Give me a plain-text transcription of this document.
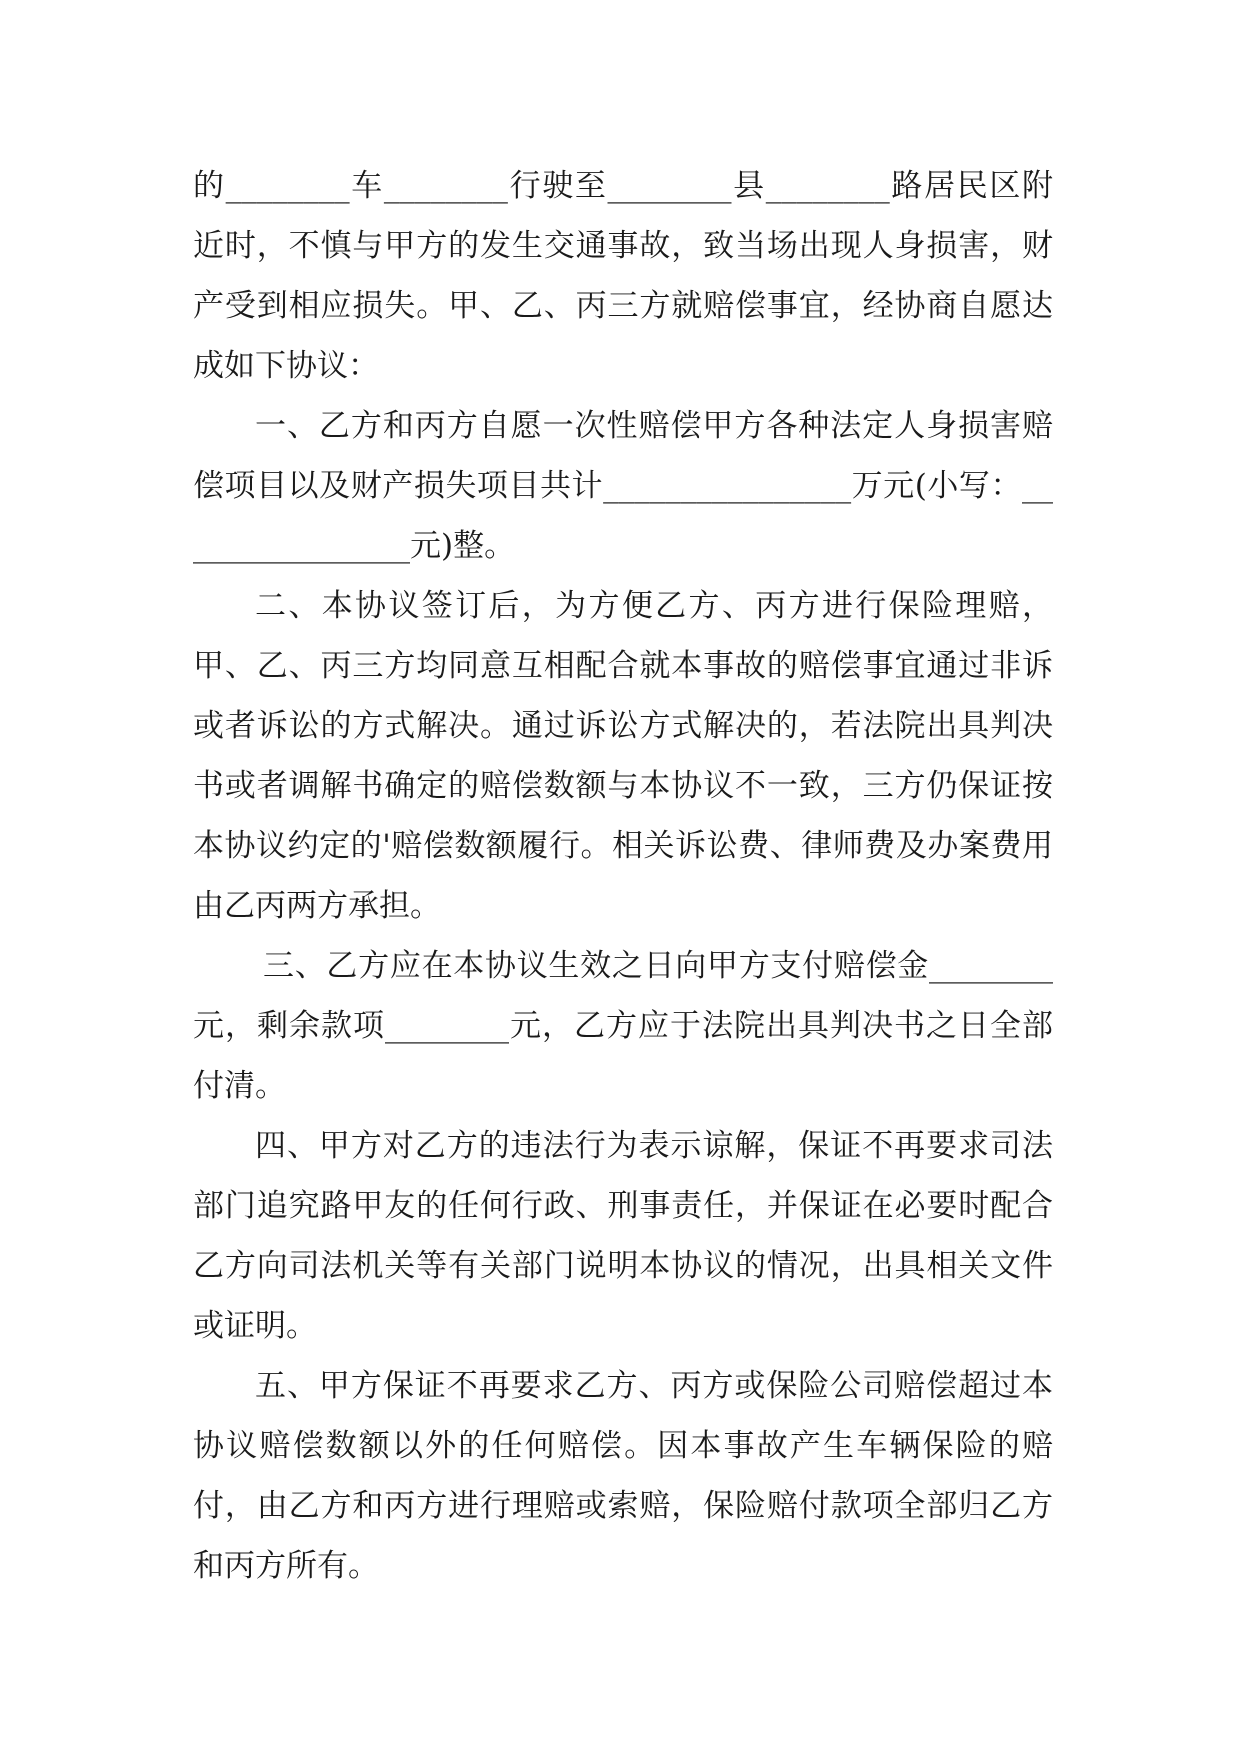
的________车________行驶至________县________路居民区附近时，不慎与甲方的发生交通事故，致当场出现人身损害，财产受到相应损失。甲、乙、丙三方就赔偿事宜，经协商自愿达成如下协议：

一、乙方和丙方自愿一次性赔偿甲方各种法定人身损害赔偿项目以及财产损失项目共计________________万元(小写：________________元)整。

二、本协议签订后，为方便乙方、丙方进行保险理赔，甲、乙、丙三方均同意互相配合就本事故的赔偿事宜通过非诉或者诉讼的方式解决。通过诉讼方式解决的，若法院出具判决书或者调解书确定的赔偿数额与本协议不一致，三方仍保证按本协议约定的'赔偿数额履行。相关诉讼费、律师费及办案费用由乙丙两方承担。

三、乙方应在本协议生效之日向甲方支付赔偿金________元，剩余款项________元，乙方应于法院出具判决书之日全部付清。

四、甲方对乙方的违法行为表示谅解，保证不再要求司法部门追究路甲友的任何行政、刑事责任，并保证在必要时配合乙方向司法机关等有关部门说明本协议的情况，出具相关文件或证明。

五、甲方保证不再要求乙方、丙方或保险公司赔偿超过本协议赔偿数额以外的任何赔偿。因本事故产生车辆保险的赔付，由乙方和丙方进行理赔或索赔，保险赔付款项全部归乙方和丙方所有。
